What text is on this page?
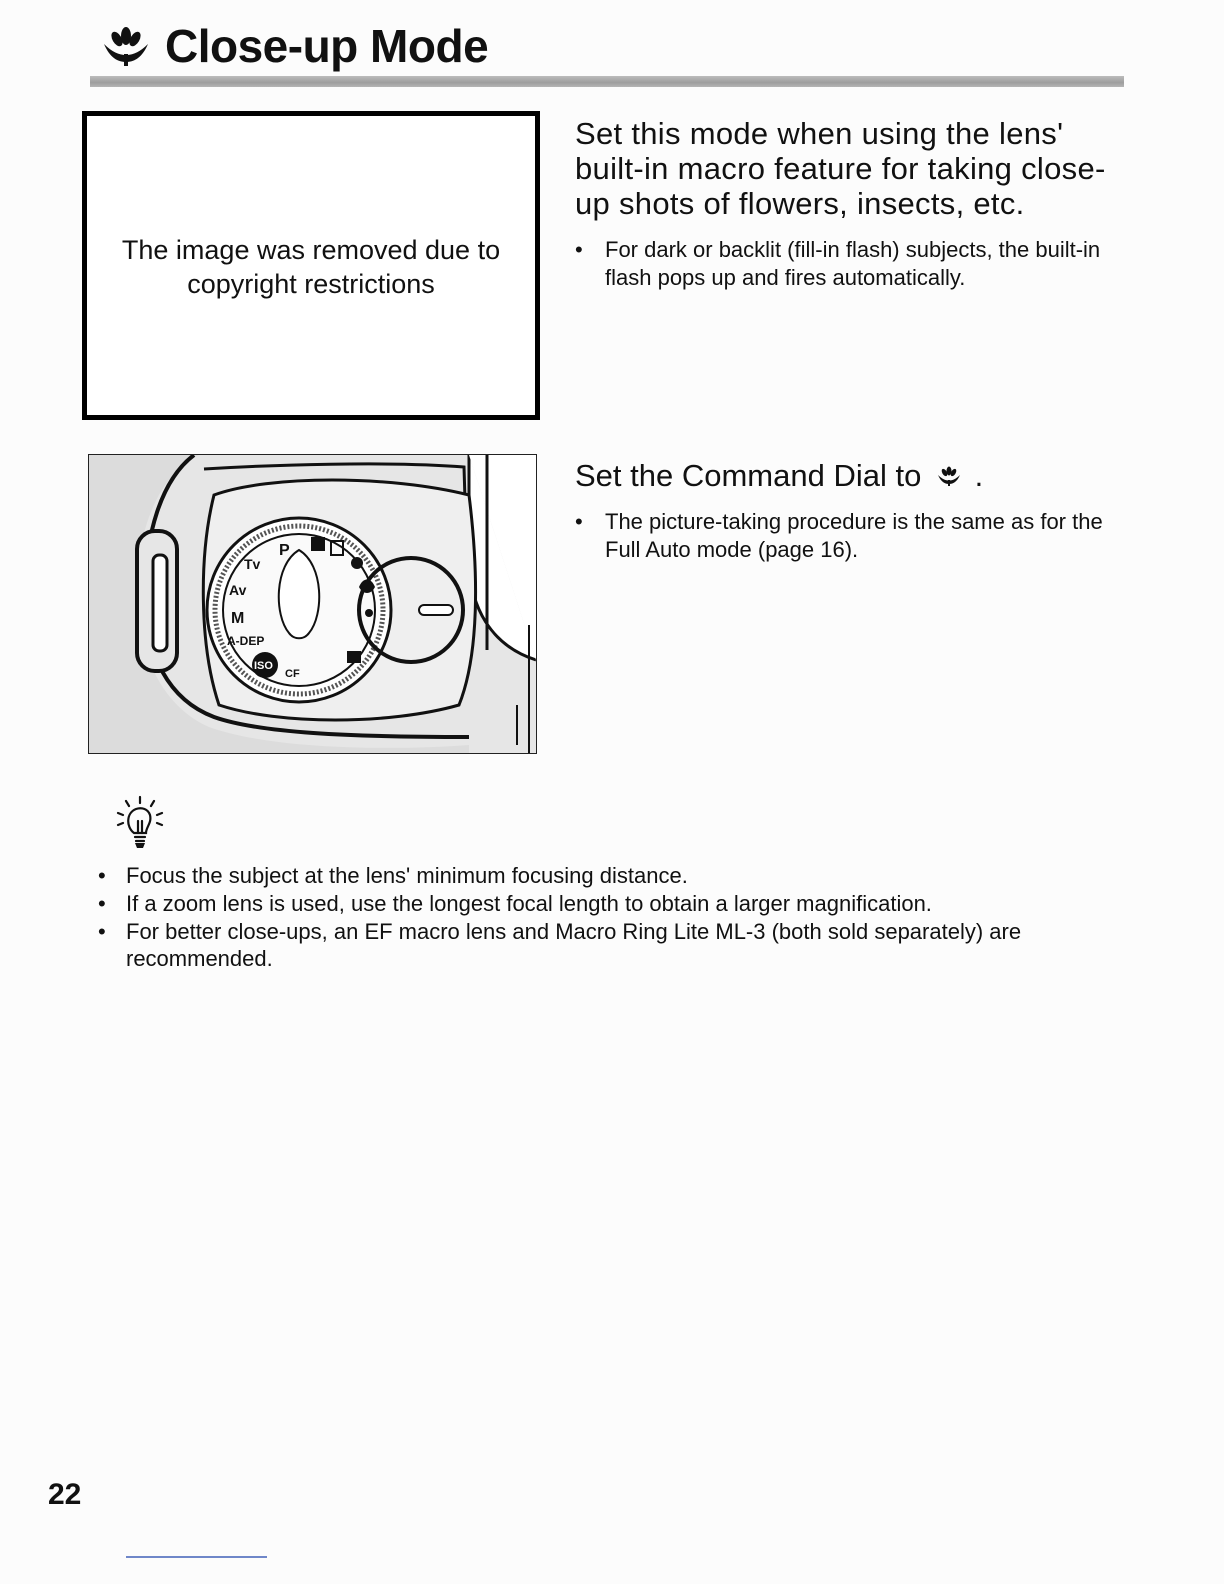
Close-up Mode
The image was removed due to copyright restrictions

Set this mode when using the lens' built-in macro feature for taking close-up shots of flowers, insects, etc.

• For dark or backlit (fill-in flash) subjects, the built-in flash pops up and fires automatically.
P
Tv
Av
M
A-DEP
ISO
CF

Set the Command Dial to .

• The picture-taking procedure is the same as for the Full Auto mode (page 16).
• Focus the subject at the lens' minimum focusing distance.
• If a zoom lens is used, use the longest focal length to obtain a larger magnification.
• For better close-ups, an EF macro lens and Macro Ring Lite ML-3 (both sold separately) are recommended.
22
